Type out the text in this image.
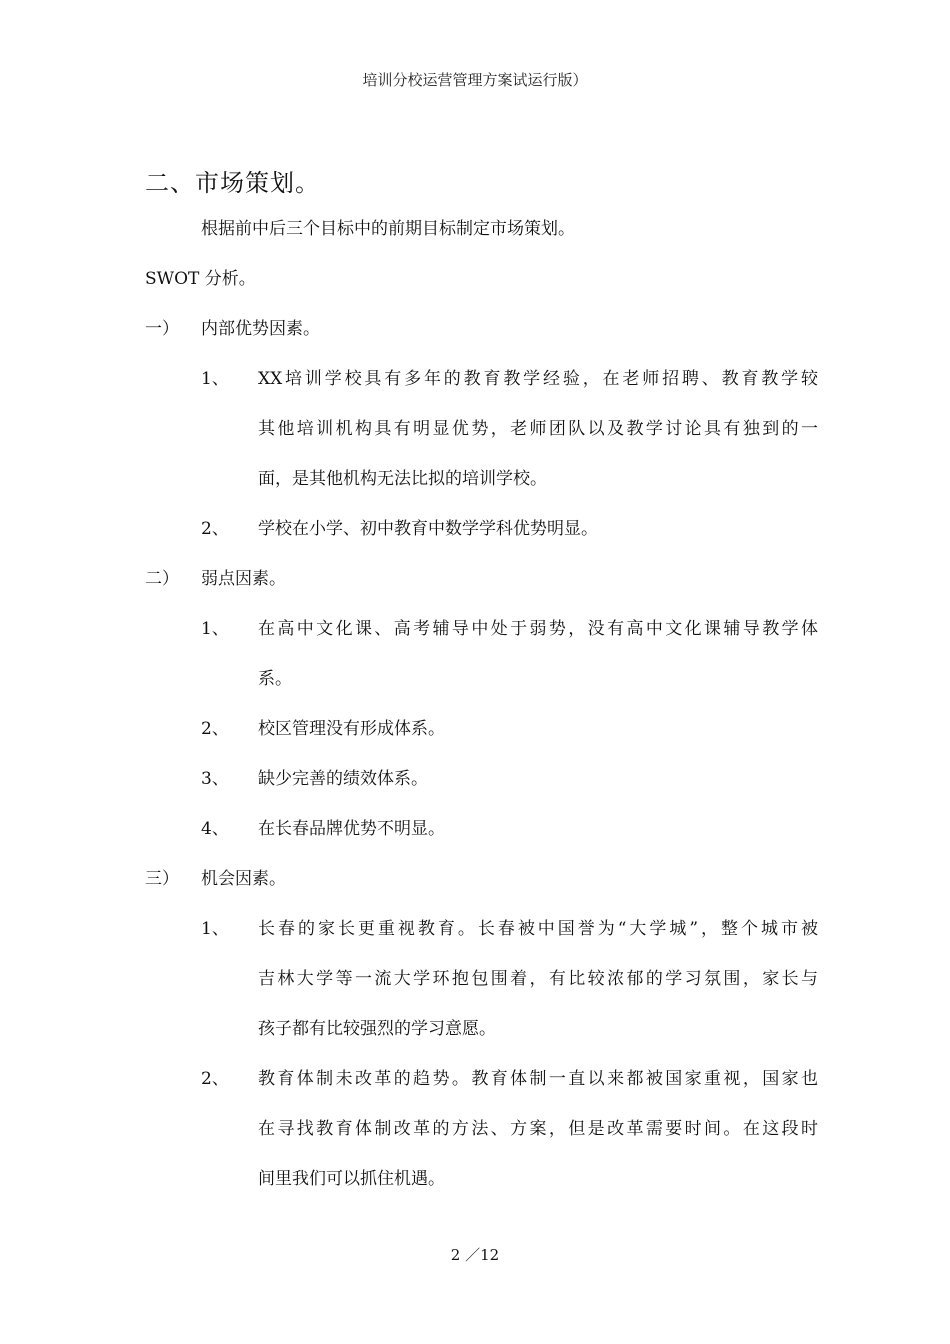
培训分校运营管理方案试运行版）
二、市场策划。
根据前中后三个目标中的前期目标制定市场策划。
SWOT 分析。
一） 内部优势因素。
1、 XX培训学校具有多年的教育教学经验，在老师招聘、教育教学较
其他培训机构具有明显优势，老师团队以及教学讨论具有独到的一
面，是其他机构无法比拟的培训学校。
2、 学校在小学、初中教育中数学学科优势明显。
二） 弱点因素。
1、 在高中文化课、高考辅导中处于弱势，没有高中文化课辅导教学体
系。
2、 校区管理没有形成体系。
3、 缺少完善的绩效体系。
4、 在长春品牌优势不明显。
三） 机会因素。
1、 长春的家长更重视教育。长春被中国誉为“大学城”，整个城市被
吉林大学等一流大学环抱包围着，有比较浓郁的学习氛围，家长与
孩子都有比较强烈的学习意愿。
2、 教育体制未改革的趋势。教育体制一直以来都被国家重视，国家也
在寻找教育体制改革的方法、方案，但是改革需要时间。在这段时
间里我们可以抓住机遇。
2 ／12
